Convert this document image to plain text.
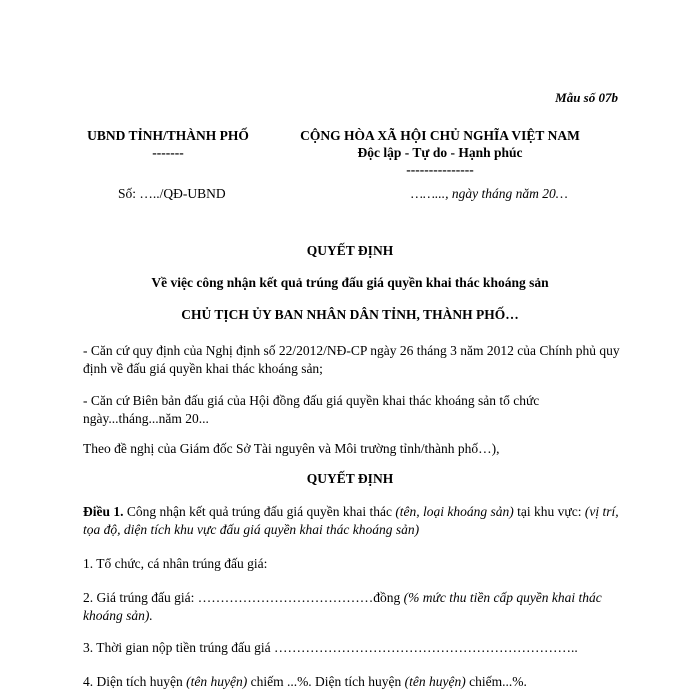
Mẫu số 07b
UBND TỈNH/THÀNH PHỐ
-------
CỘNG HÒA XÃ HỘI CHỦ NGHĨA VIỆT NAM
Độc lập - Tự do - Hạnh phúc
---------------
Số: …../QĐ-UBND	……..., ngày tháng năm 20…
QUYẾT ĐỊNH
Về việc công nhận kết quả trúng đấu giá quyền khai thác khoáng sản
CHỦ TỊCH ỦY BAN NHÂN DÂN TỈNH, THÀNH PHỐ…
- Căn cứ quy định của Nghị định số 22/2012/NĐ-CP ngày 26 tháng 3 năm 2012 của Chính phủ quy định về đấu giá quyền khai thác khoáng sản;
- Căn cứ Biên bản đấu giá của Hội đồng đấu giá quyền khai thác khoáng sản tổ chức ngày...tháng...năm 20...
Theo đề nghị của Giám đốc Sở Tài nguyên và Môi trường tỉnh/thành phố…),
QUYẾT ĐỊNH
Điều 1. Công nhận kết quả trúng đấu giá quyền khai thác (tên, loại khoáng sản) tại khu vực: (vị trí, tọa độ, diện tích khu vực đấu giá quyền khai thác khoáng sản)
1. Tổ chức, cá nhân trúng đấu giá:
2. Giá trúng đấu giá: …………………………………đồng (% mức thu tiền cấp quyền khai thác khoáng sản).
3. Thời gian nộp tiền trúng đấu giá …………………………………………………………..
4. Diện tích huyện (tên huyện) chiếm ...%. Diện tích huyện (tên huyện) chiếm...%.
